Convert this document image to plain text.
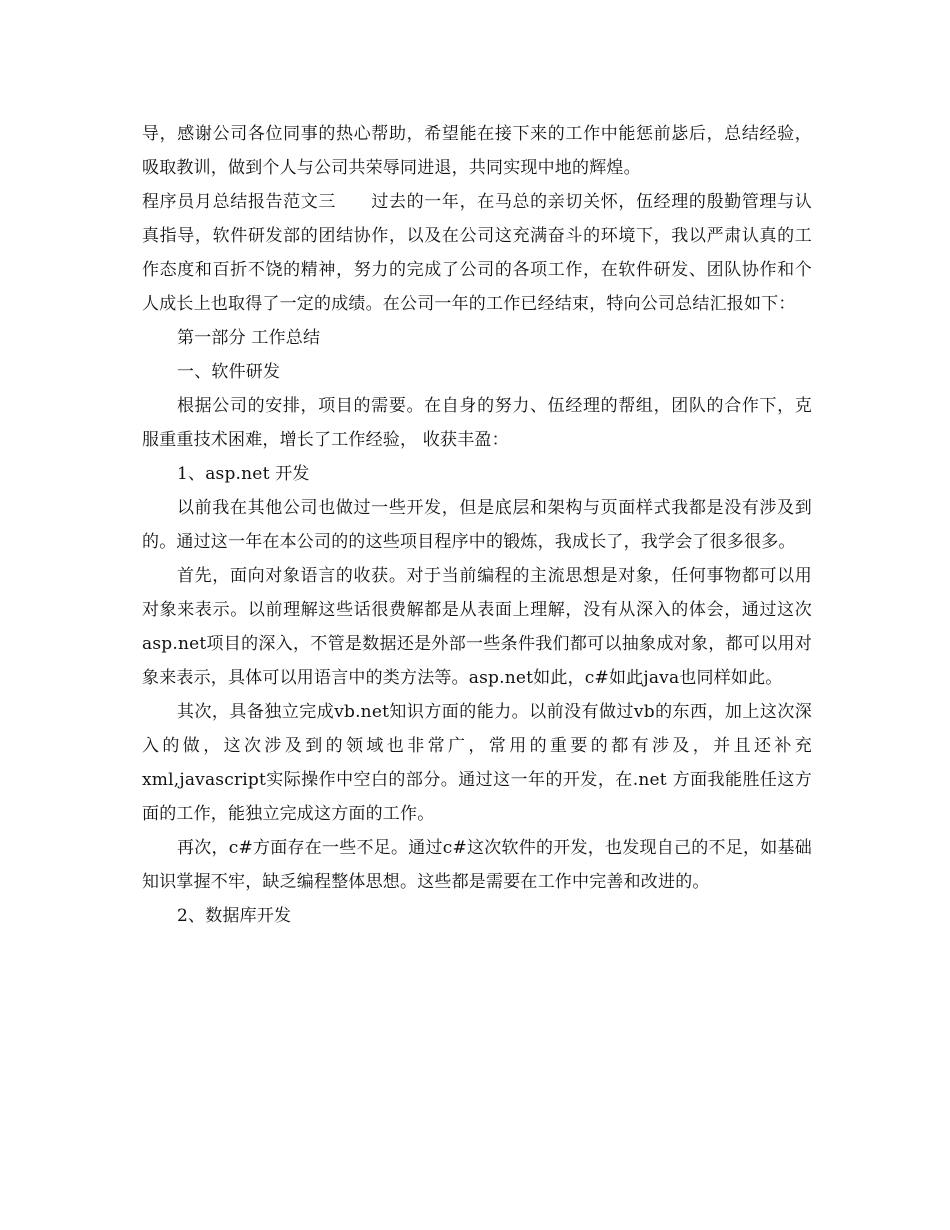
导，感谢公司各位同事的热心帮助，希望能在接下来的工作中能惩前毖后，总结经验，吸取教训，做到个人与公司共荣辱同进退，共同实现中地的辉煌。

程序员月总结报告范文三　　过去的一年，在马总的亲切关怀，伍经理的殷勤管理与认真指导，软件研发部的团结协作，以及在公司这充满奋斗的环境下，我以严肃认真的工作态度和百折不饶的精神，努力的完成了公司的各项工作，在软件研发、团队协作和个人成长上也取得了一定的成绩。在公司一年的工作已经结束，特向公司总结汇报如下：

第一部分 工作总结

一、软件研发

根据公司的安排，项目的需要。在自身的努力、伍经理的帮组，团队的合作下，克服重重技术困难，增长了工作经验， 收获丰盈：

1、asp.net 开发

以前我在其他公司也做过一些开发，但是底层和架构与页面样式我都是没有涉及到的。通过这一年在本公司的的这些项目程序中的锻炼，我成长了，我学会了很多很多。

首先，面向对象语言的收获。对于当前编程的主流思想是对象，任何事物都可以用对象来表示。以前理解这些话很费解都是从表面上理解，没有从深入的体会，通过这次asp.net项目的深入，不管是数据还是外部一些条件我们都可以抽象成对象，都可以用对象来表示，具体可以用语言中的类方法等。asp.net如此，c#如此java也同样如此。

其次，具备独立完成vb.net知识方面的能力。以前没有做过vb的东西，加上这次深入的做，这次涉及到的领域也非常广，常用的重要的都有涉及，并且还补充xml,javascript实际操作中空白的部分。通过这一年的开发，在.net 方面我能胜任这方面的工作，能独立完成这方面的工作。

再次，c#方面存在一些不足。通过c#这次软件的开发，也发现自己的不足，如基础知识掌握不牢，缺乏编程整体思想。这些都是需要在工作中完善和改进的。

2、数据库开发
